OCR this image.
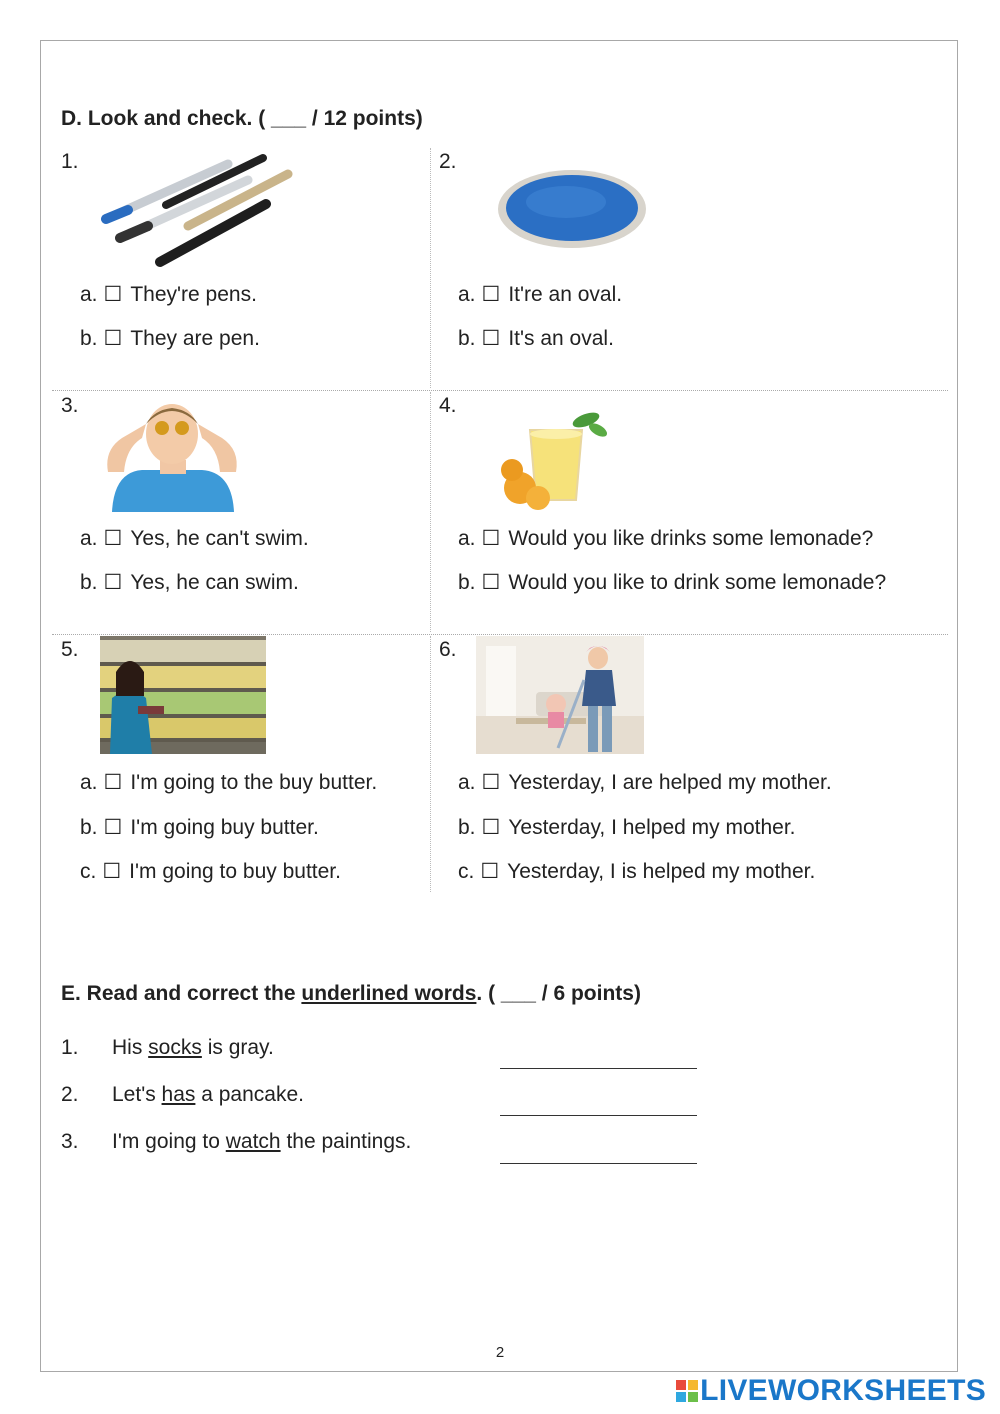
D. Look and check. ( ___ / 12 points)
1.
a. ☐ They're pens.
b. ☐ They are pen.
2.
a. ☐ It're an oval.
b. ☐ It's an oval.
3.
a. ☐ Yes, he can't swim.
b. ☐ Yes, he can swim.
4.
a. ☐ Would you like drinks some lemonade?
b. ☐ Would you like to drink some lemonade?
5.
a. ☐ I'm going to the buy butter.
b. ☐ I'm going buy butter.
c. ☐ I'm going to buy butter.
6.
a. ☐ Yesterday, I are helped my mother.
b. ☐ Yesterday, I helped my mother.
c. ☐ Yesterday, I is helped my mother.
E. Read and correct the underlined words. ( ___ / 6 points)
1. His socks is gray.
2. Let's has a pancake.
3. I'm going to watch the paintings.
2
LIVEWORKSHEETS
